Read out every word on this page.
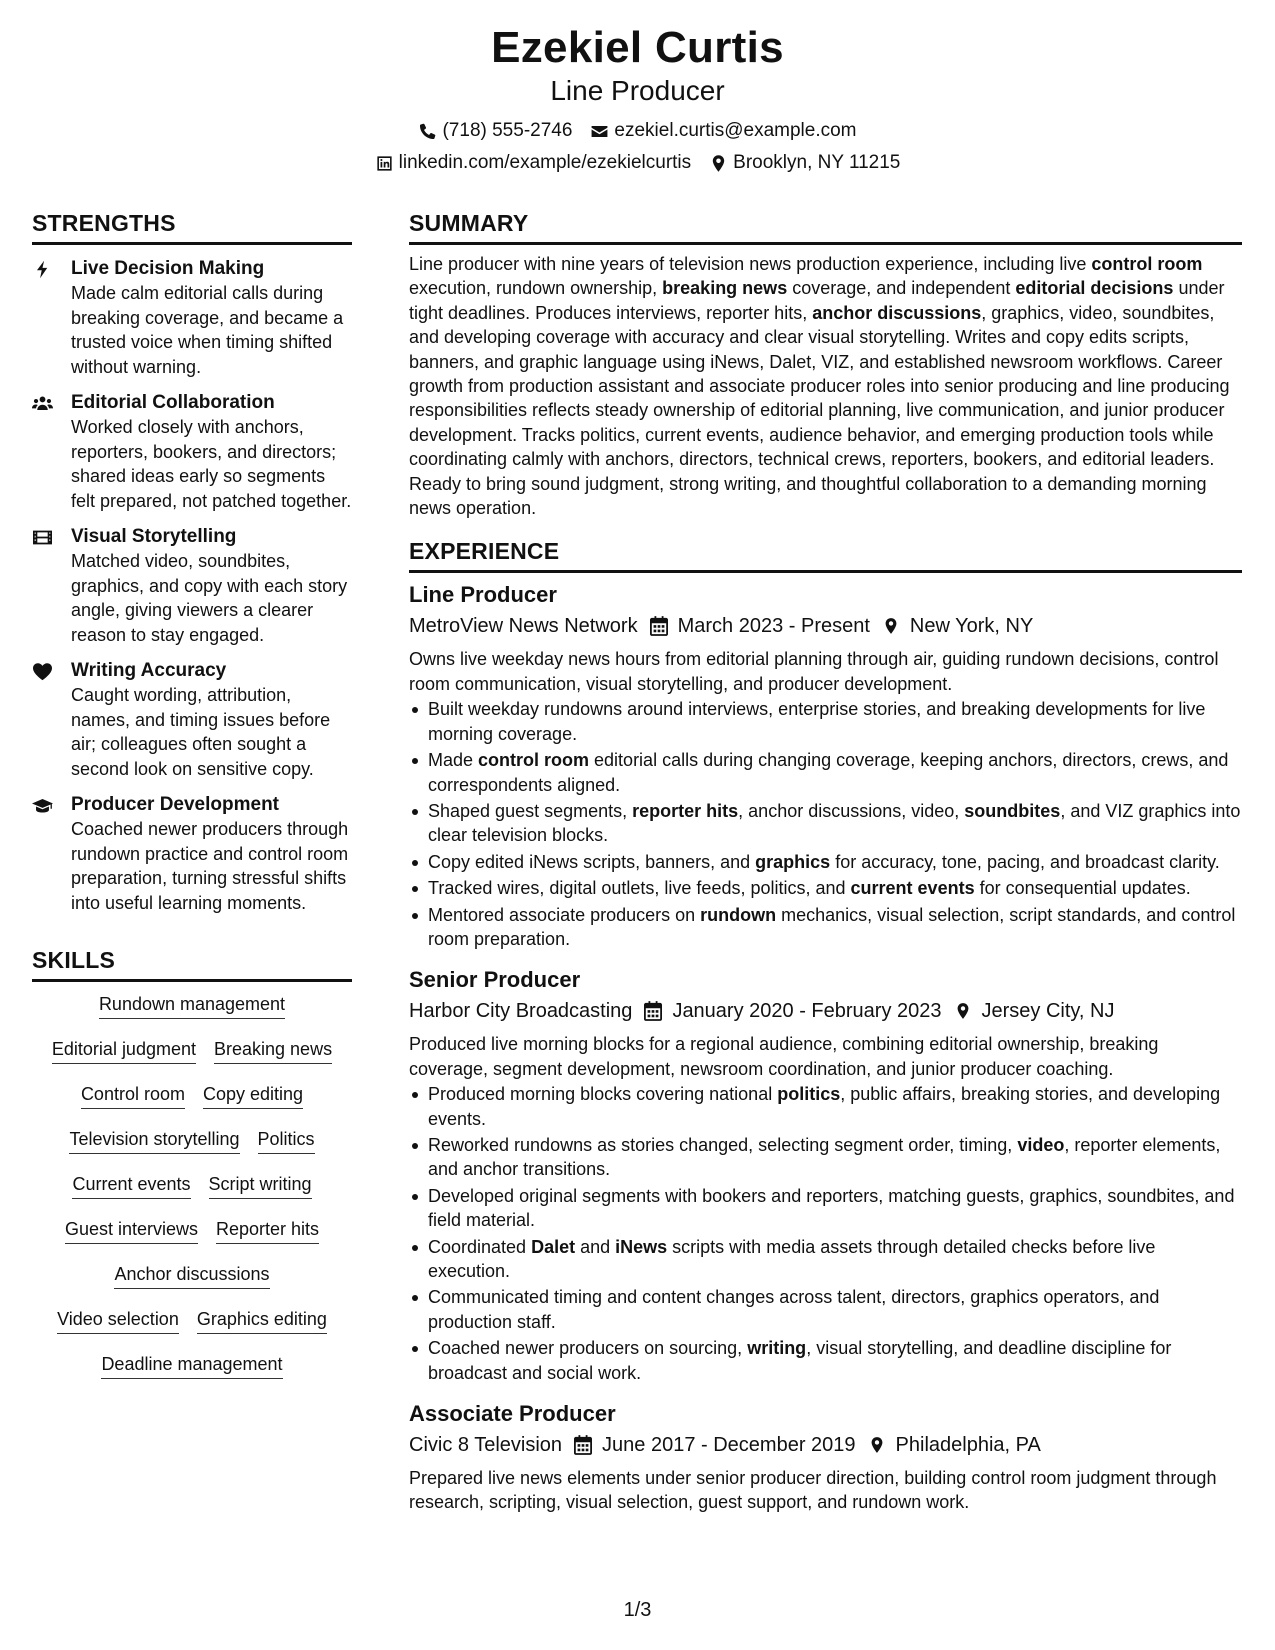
Ezekiel Curtis
Line Producer
(718) 555-2746 ezekiel.curtis@example.com
linkedin.com/example/ezekielcurtis Brooklyn, NY 11215
STRENGTHS
Live Decision Making
Made calm editorial calls during breaking coverage, and became a trusted voice when timing shifted without warning.
Editorial Collaboration
Worked closely with anchors, reporters, bookers, and directors; shared ideas early so segments felt prepared, not patched together.
Visual Storytelling
Matched video, soundbites, graphics, and copy with each story angle, giving viewers a clearer reason to stay engaged.
Writing Accuracy
Caught wording, attribution, names, and timing issues before air; colleagues often sought a second look on sensitive copy.
Producer Development
Coached newer producers through rundown practice and control room preparation, turning stressful shifts into useful learning moments.
SKILLS
Rundown management
Editorial judgment Breaking news
Control room Copy editing
Television storytelling Politics
Current events Script writing
Guest interviews Reporter hits
Anchor discussions
Video selection Graphics editing
Deadline management
SUMMARY
Line producer with nine years of television news production experience, including live control room execution, rundown ownership, breaking news coverage, and independent editorial decisions under tight deadlines. Produces interviews, reporter hits, anchor discussions, graphics, video, soundbites, and developing coverage with accuracy and clear visual storytelling. Writes and copy edits scripts, banners, and graphic language using iNews, Dalet, VIZ, and established newsroom workflows. Career growth from production assistant and associate producer roles into senior producing and line producing responsibilities reflects steady ownership of editorial planning, live communication, and junior producer development. Tracks politics, current events, audience behavior, and emerging production tools while coordinating calmly with anchors, directors, technical crews, reporters, bookers, and editorial leaders. Ready to bring sound judgment, strong writing, and thoughtful collaboration to a demanding morning news operation.
EXPERIENCE
Line Producer
MetroView News Network March 2023 - Present New York, NY
Owns live weekday news hours from editorial planning through air, guiding rundown decisions, control room communication, visual storytelling, and producer development.
Built weekday rundowns around interviews, enterprise stories, and breaking developments for live morning coverage.
Made control room editorial calls during changing coverage, keeping anchors, directors, crews, and correspondents aligned.
Shaped guest segments, reporter hits, anchor discussions, video, soundbites, and VIZ graphics into clear television blocks.
Copy edited iNews scripts, banners, and graphics for accuracy, tone, pacing, and broadcast clarity.
Tracked wires, digital outlets, live feeds, politics, and current events for consequential updates.
Mentored associate producers on rundown mechanics, visual selection, script standards, and control room preparation.
Senior Producer
Harbor City Broadcasting January 2020 - February 2023 Jersey City, NJ
Produced live morning blocks for a regional audience, combining editorial ownership, breaking coverage, segment development, newsroom coordination, and junior producer coaching.
Produced morning blocks covering national politics, public affairs, breaking stories, and developing events.
Reworked rundowns as stories changed, selecting segment order, timing, video, reporter elements, and anchor transitions.
Developed original segments with bookers and reporters, matching guests, graphics, soundbites, and field material.
Coordinated Dalet and iNews scripts with media assets through detailed checks before live execution.
Communicated timing and content changes across talent, directors, graphics operators, and production staff.
Coached newer producers on sourcing, writing, visual storytelling, and deadline discipline for broadcast and social work.
Associate Producer
Civic 8 Television June 2017 - December 2019 Philadelphia, PA
Prepared live news elements under senior producer direction, building control room judgment through research, scripting, visual selection, guest support, and rundown work.
1/3
